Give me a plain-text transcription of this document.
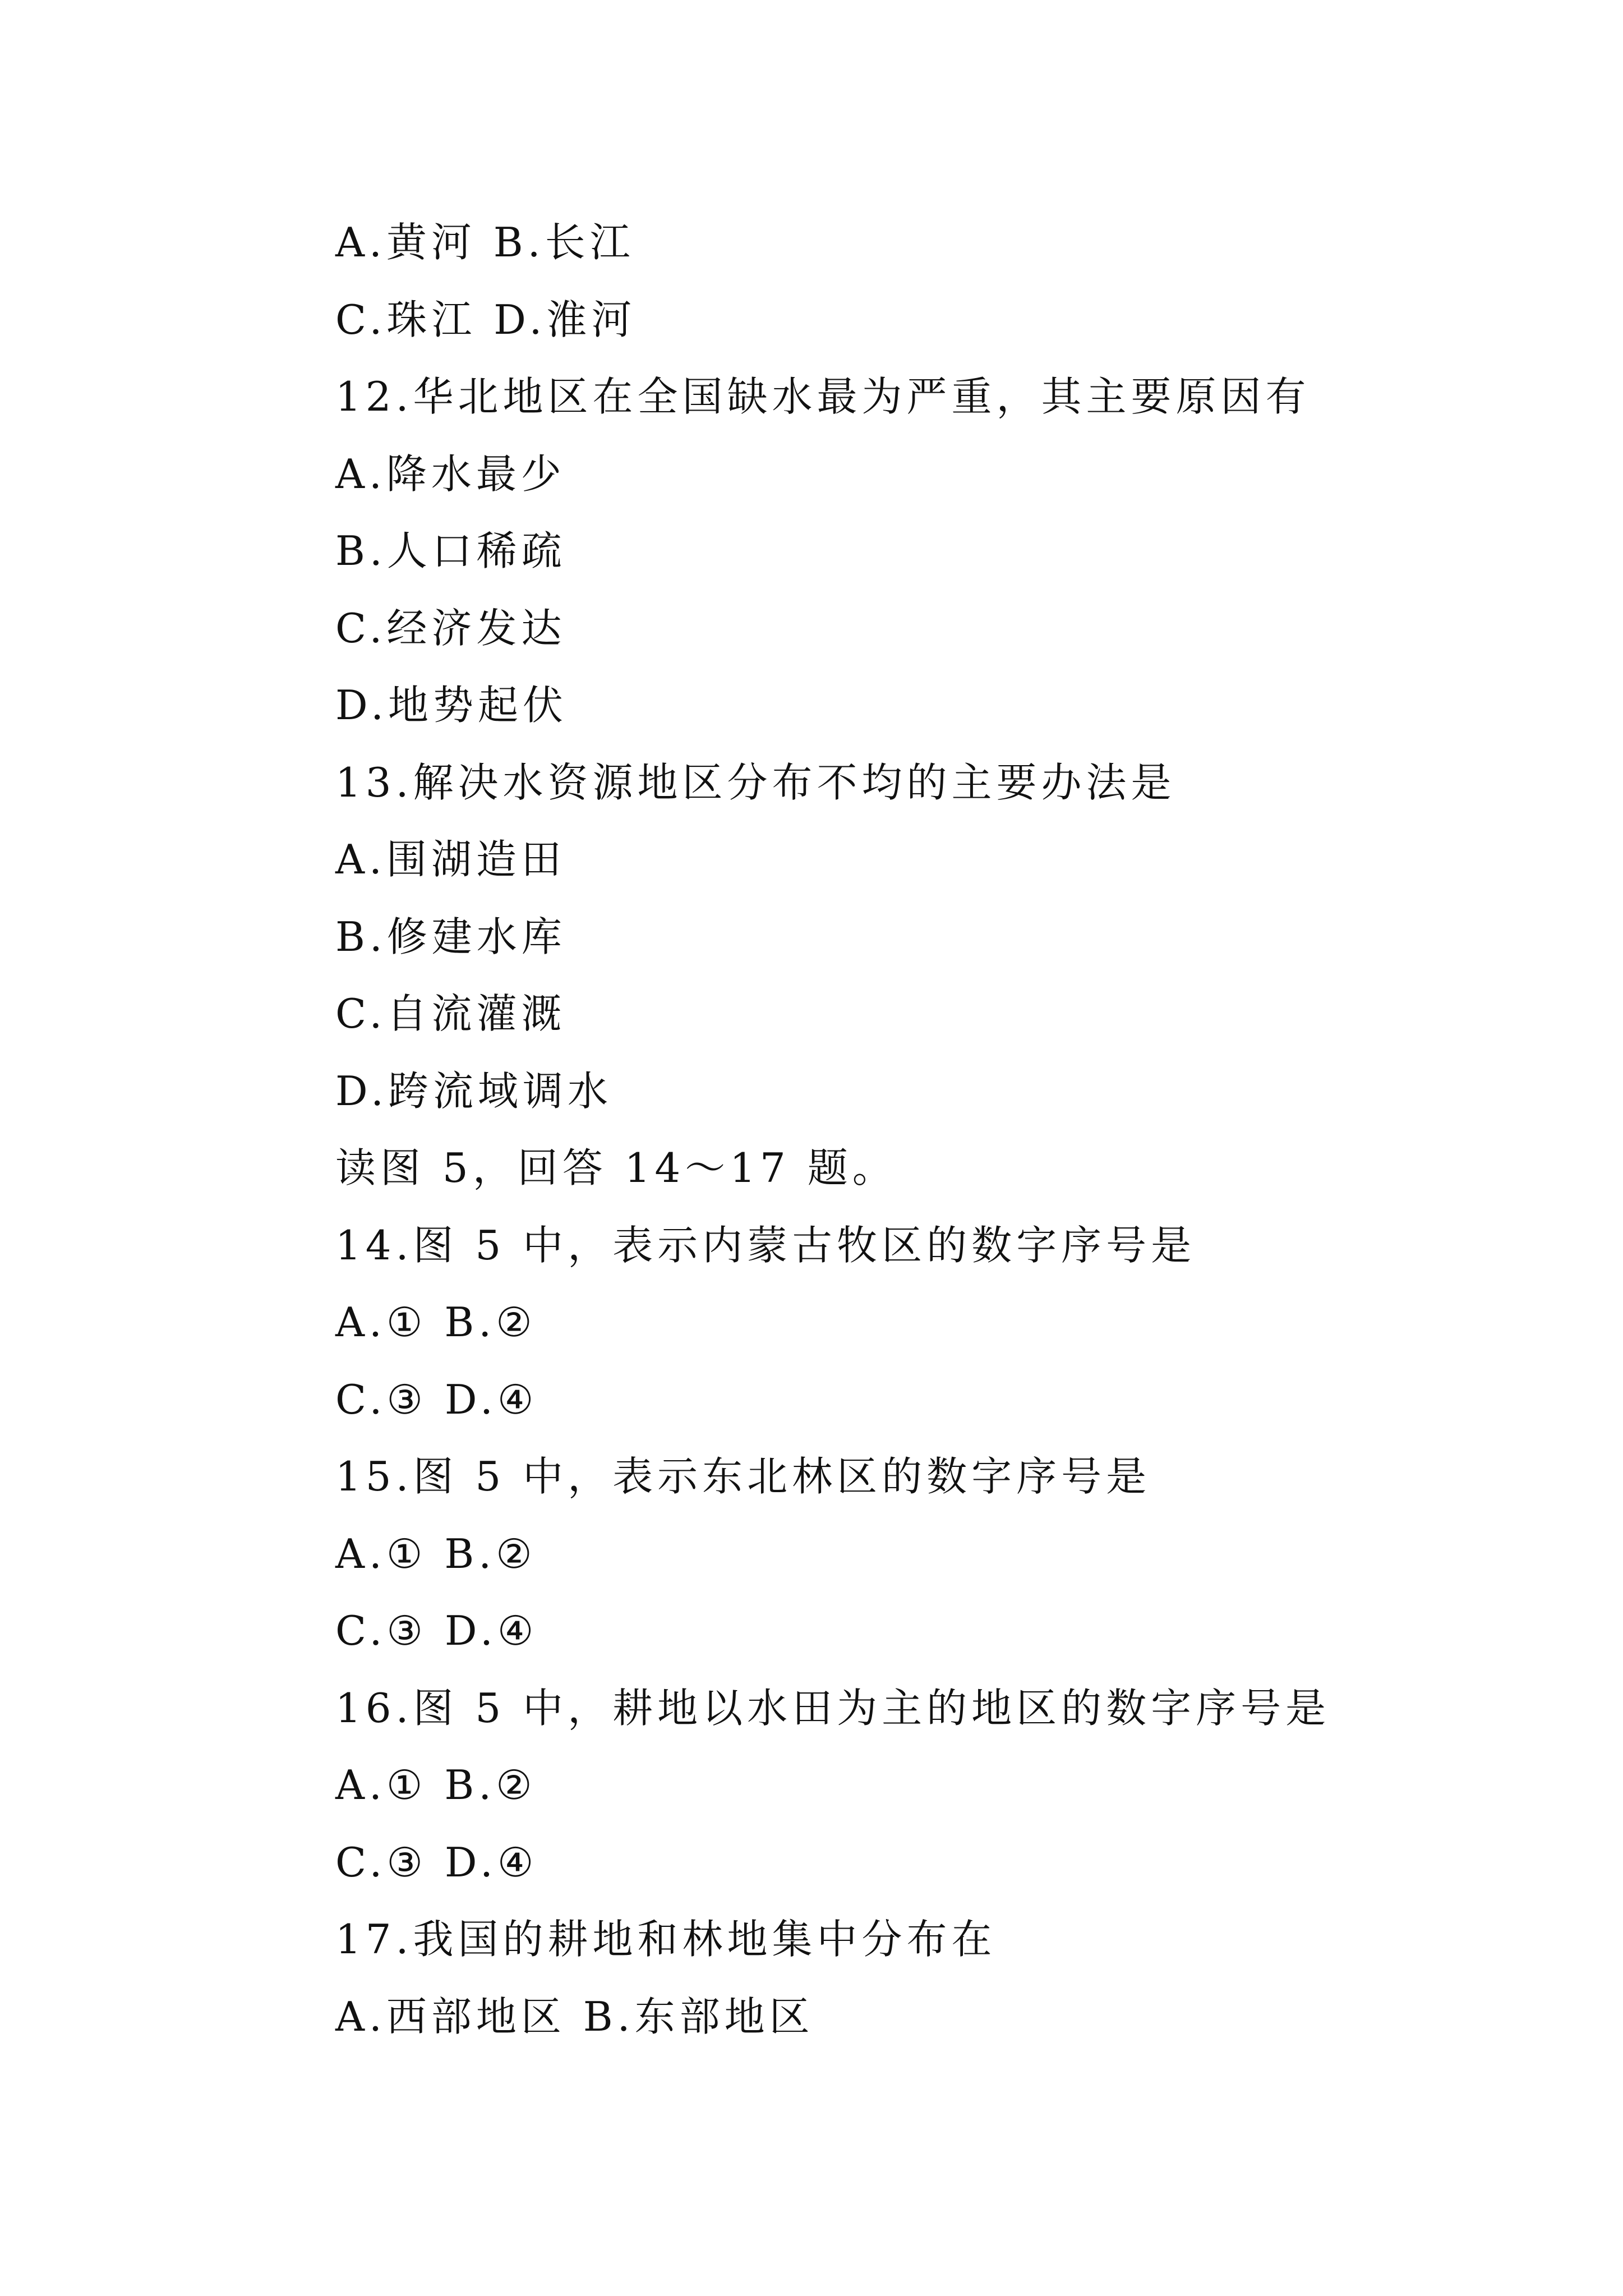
A.黄河 B.长江
C.珠江 D.淮河
12.华北地区在全国缺水最为严重，其主要原因有
A.降水最少
B.人口稀疏
C.经济发达
D.地势起伏
13.解决水资源地区分布不均的主要办法是
A.围湖造田
B.修建水库
C.自流灌溉
D.跨流域调水
读图 5，回答 14～17 题。
14.图 5 中，表示内蒙古牧区的数字序号是
A.① B.②
C.③ D.④
15.图 5 中，表示东北林区的数字序号是
A.① B.②
C.③ D.④
16.图 5 中，耕地以水田为主的地区的数字序号是
A.① B.②
C.③ D.④
17.我国的耕地和林地集中分布在
A.西部地区 B.东部地区
